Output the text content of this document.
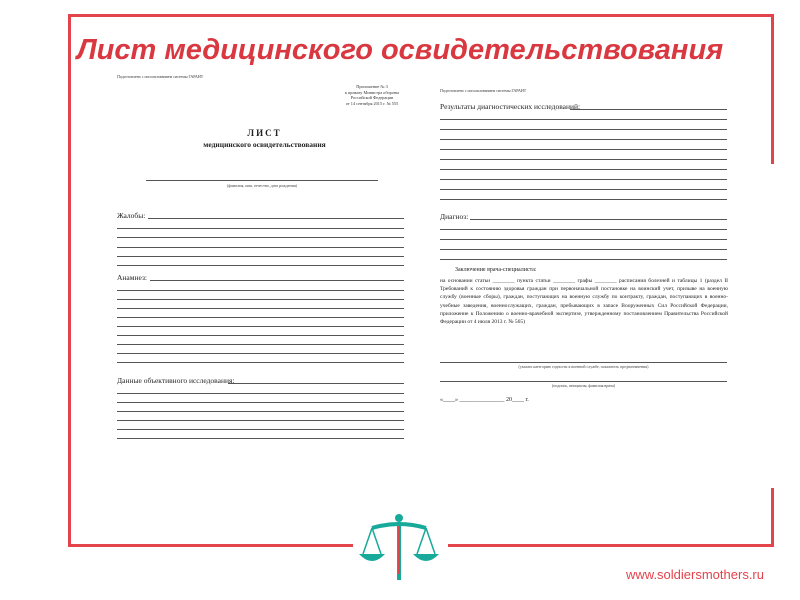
Лист медицинского освидетельствования
Подготовлено с использованием системы ГАРАНТ
Приложение № 3
к приказу Министра обороны
Российской Федерации
от 14 сентября 2015 г. № 555
ЛИСТ
медицинского освидетельствования
(фамилия, имя, отчество, дата рождения)
Жалобы:
Анамнез:
Данные объективного исследования:
Подготовлено с использованием системы ГАРАНТ
Результаты диагностических исследований:
Диагноз:
Заключение врача-специалиста:
на основании статьи ________ пункта статьи ________ графы ________ расписания болезней и таблицы 1 (раздел II Требований к состоянию здоровья граждан при первоначальной постановке на воинский учет, призыве на военную службу (военные сборы), граждан, поступающих на военную службу по контракту, граждан, поступающих в военно-учебные заведения, военнослужащих, граждан, пребывающих в запасе Вооруженных Сил Российской Федерации, приложение к Положению о военно-врачебной экспертизе, утвержденному постановлением Правительства Российской Федерации от 4 июля 2013 г. № 565)
(указать категорию годности к военной службе, показатель предназначения)
(подпись, инициалы, фамилия врача)
«____» _______________ 20____ г.
www.soldiersmothers.ru
